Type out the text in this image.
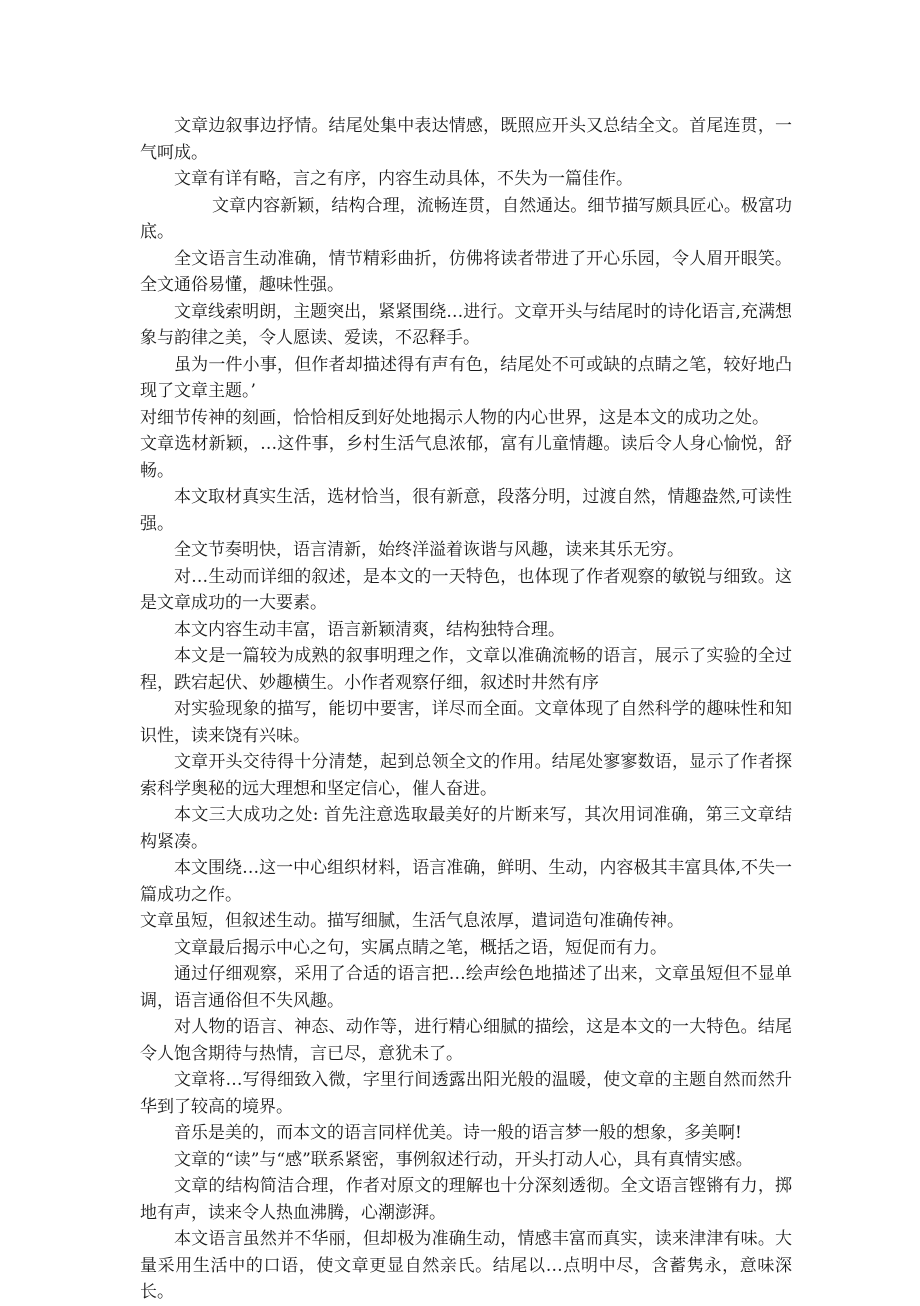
文章边叙事边抒情。结尾处集中表达情感，既照应开头又总结全文。首尾连贯，一气呵成。

文章有详有略，言之有序，内容生动具体，不失为一篇佳作。

文章内容新颖，结构合理，流畅连贯，自然通达。细节描写颇具匠心。极富功底。

全文语言生动准确，情节精彩曲折，仿佛将读者带进了开心乐园，令人眉开眼笑。全文通俗易懂，趣味性强。

文章线索明朗，主题突出，紧紧围绕…进行。文章开头与结尾时的诗化语言,充满想象与韵律之美，令人愿读、爱读，不忍释手。

虽为一件小事，但作者却描述得有声有色，结尾处不可或缺的点睛之笔，较好地凸现了文章主题。’

对细节传神的刻画，恰恰相反到好处地揭示人物的内心世界，这是本文的成功之处。

文章选材新颖，…这件事，乡村生活气息浓郁，富有儿童情趣。读后令人身心愉悦，舒畅。

本文取材真实生活，选材恰当，很有新意，段落分明，过渡自然，情趣盎然,可读性强。

全文节奏明快，语言清新，始终洋溢着诙谐与风趣，读来其乐无穷。

对…生动而详细的叙述，是本文的一天特色，也体现了作者观察的敏锐与细致。这是文章成功的一大要素。

本文内容生动丰富，语言新颖清爽，结构独特合理。

本文是一篇较为成熟的叙事明理之作，文章以准确流畅的语言，展示了实验的全过程，跌宕起伏、妙趣横生。小作者观察仔细，叙述时井然有序

对实验现象的描写，能切中要害，详尽而全面。文章体现了自然科学的趣味性和知识性，读来饶有兴味。

文章开头交待得十分清楚，起到总领全文的作用。结尾处寥寥数语，显示了作者探索科学奥秘的远大理想和坚定信心，催人奋进。

本文三大成功之处: 首先注意选取最美好的片断来写，其次用词准确，第三文章结构紧凑。

本文围绕…这一中心组织材料，语言准确，鲜明、生动，内容极其丰富具体,不失一篇成功之作。

文章虽短，但叙述生动。描写细腻，生活气息浓厚，遣词造句准确传神。

文章最后揭示中心之句，实属点睛之笔，概括之语，短促而有力。

通过仔细观察，采用了合适的语言把…绘声绘色地描述了出来，文章虽短但不显单调，语言通俗但不失风趣。

对人物的语言、神态、动作等，进行精心细腻的描绘，这是本文的一大特色。结尾令人饱含期待与热情，言已尽，意犹未了。

文章将…写得细致入微，字里行间透露出阳光般的温暖，使文章的主题自然而然升华到了较高的境界。

音乐是美的，而本文的语言同样优美。诗一般的语言梦一般的想象，多美啊!

文章的“读”与“感”联系紧密，事例叙述行动，开头打动人心，具有真情实感。

文章的结构简洁合理，作者对原文的理解也十分深刻透彻。全文语言铿锵有力，掷地有声，读来令人热血沸腾，心潮澎湃。

本文语言虽然并不华丽，但却极为准确生动，情感丰富而真实，读来津津有味。大量采用生活中的口语，使文章更显自然亲氏。结尾以…点明中尽，含蓄隽永，意味深长。
